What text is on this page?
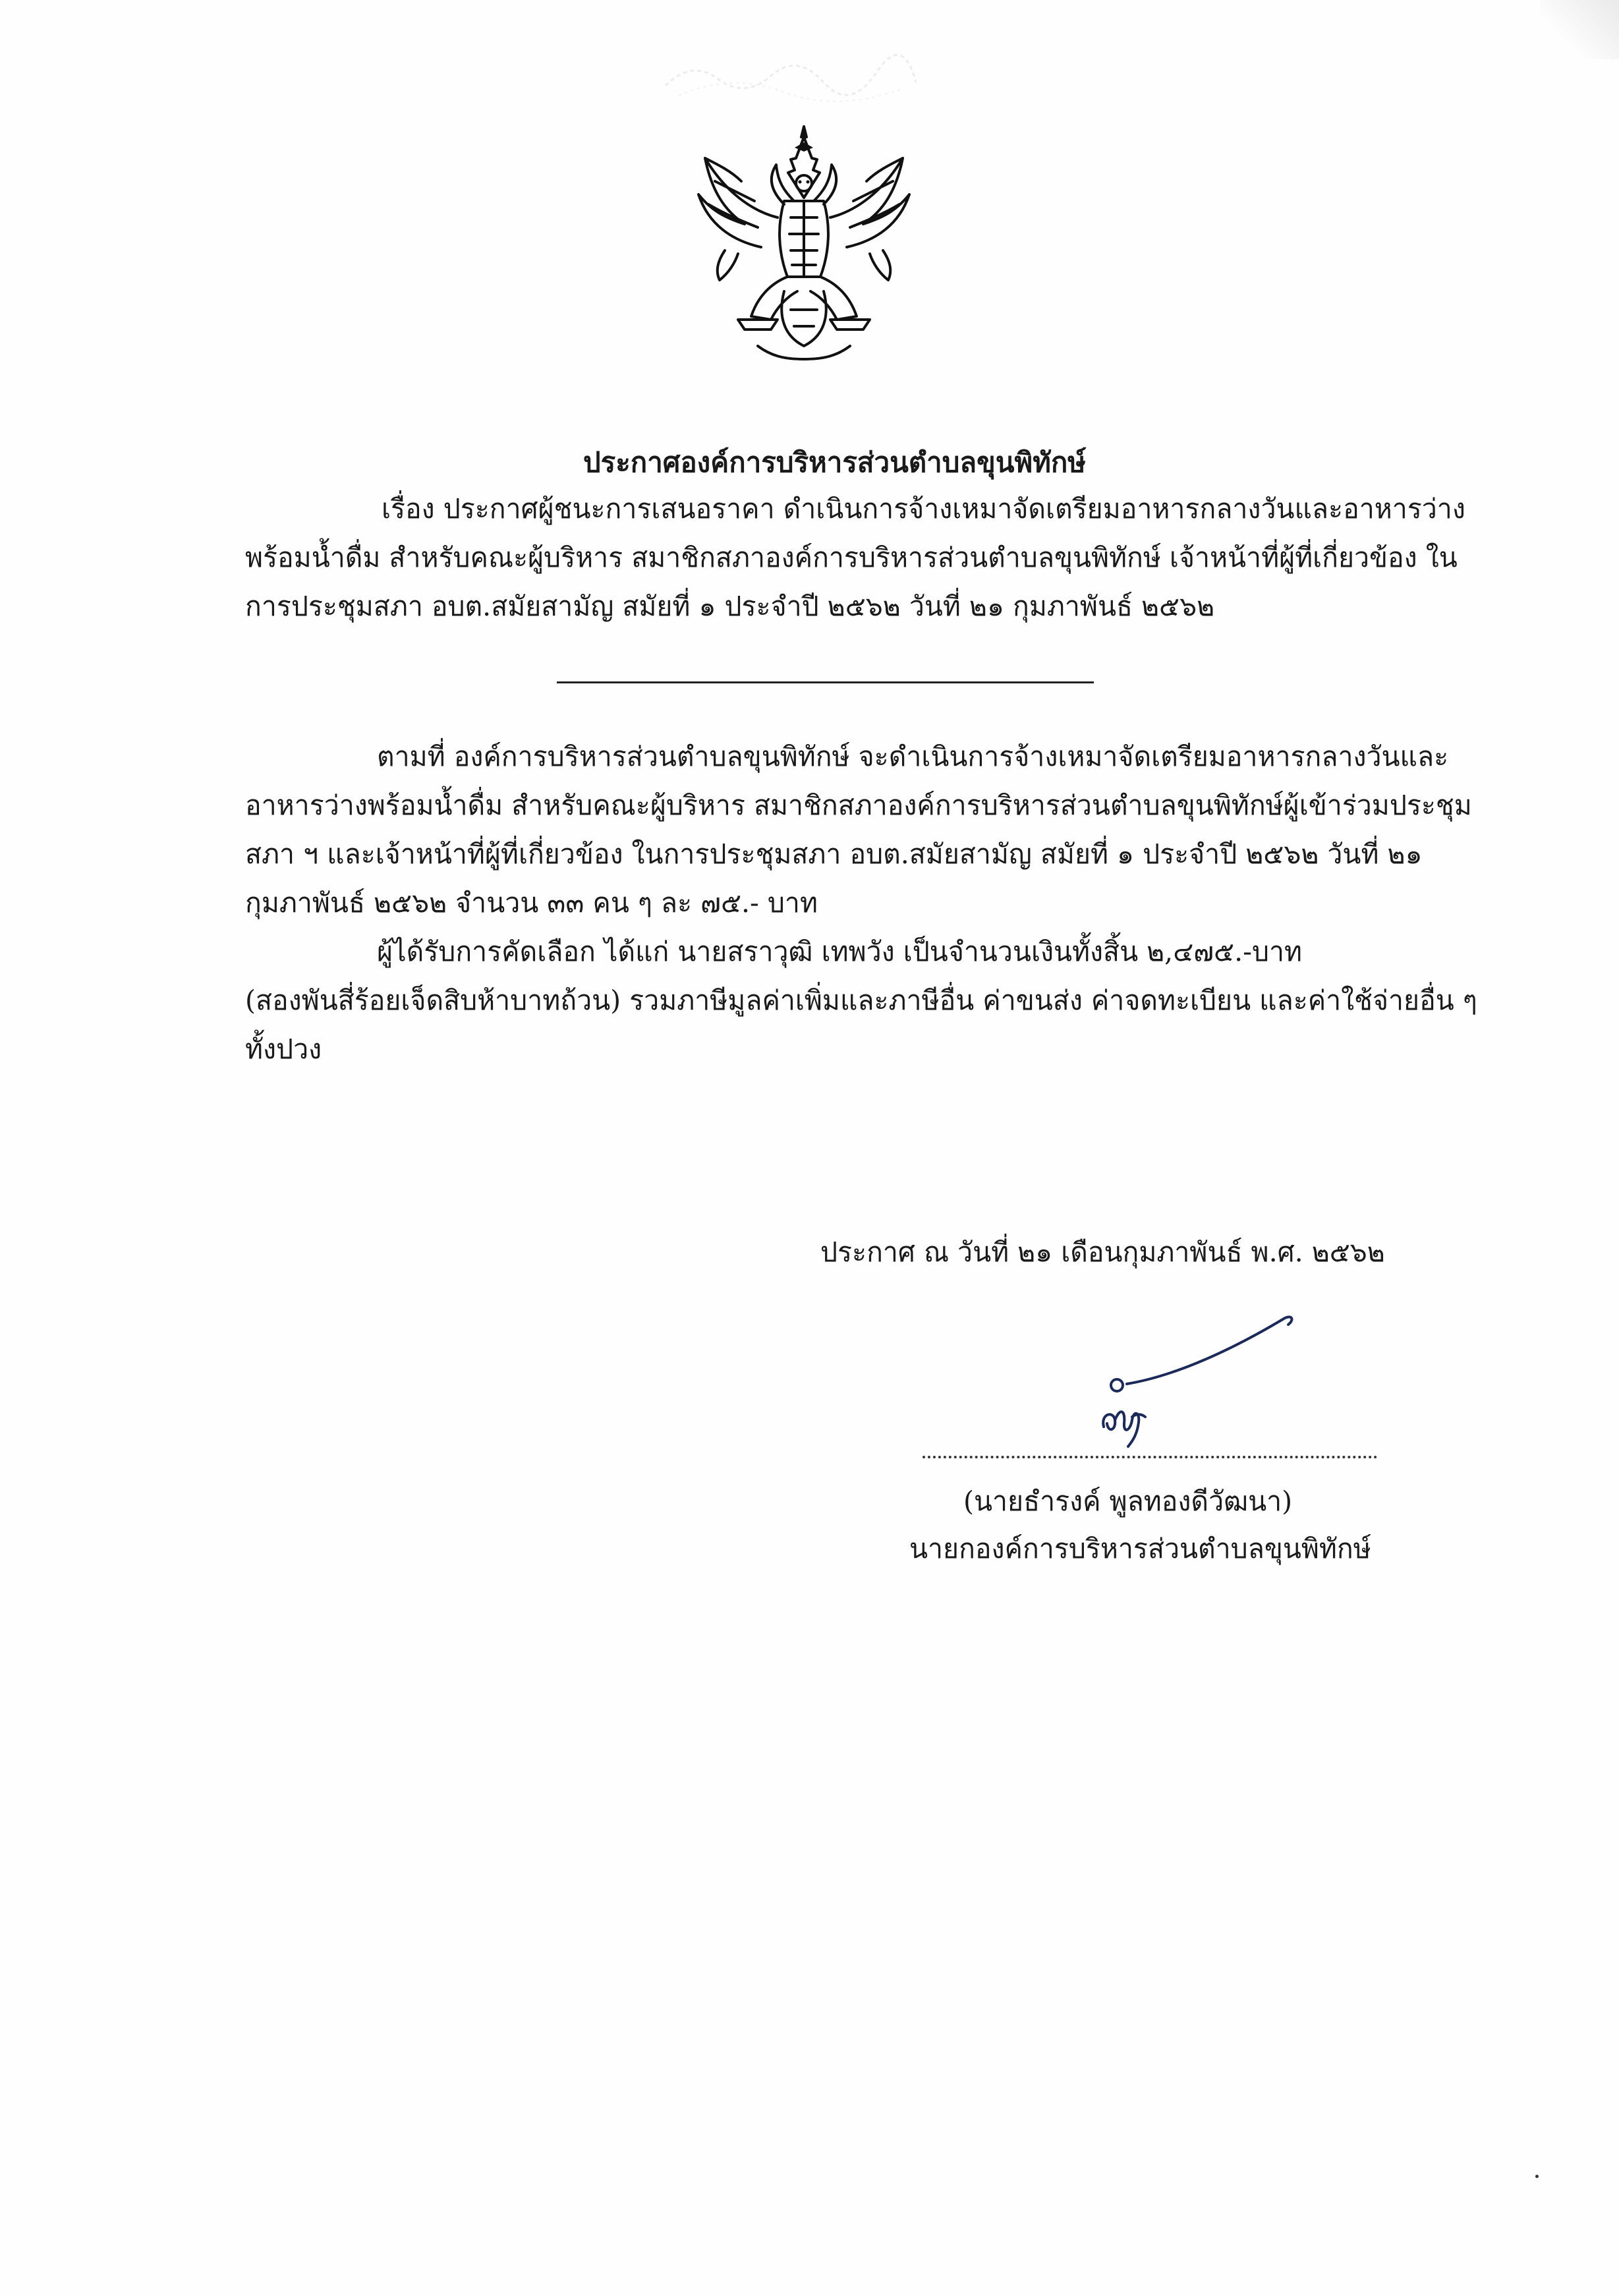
ประกาศองค์การบริหารส่วนตำบลขุนพิทักษ์
เรื่อง ประกาศผู้ชนะการเสนอราคา ดำเนินการจ้างเหมาจัดเตรียมอาหารกลางวันและอาหารว่าง
พร้อมน้ำดื่ม สำหรับคณะผู้บริหาร สมาชิกสภาองค์การบริหารส่วนตำบลขุนพิทักษ์ เจ้าหน้าที่ผู้ที่เกี่ยวข้อง ใน
การประชุมสภา อบต.สมัยสามัญ สมัยที่ ๑ ประจำปี ๒๕๖๒ วันที่ ๒๑ กุมภาพันธ์ ๒๕๖๒
ตามที่ องค์การบริหารส่วนตำบลขุนพิทักษ์ จะดำเนินการจ้างเหมาจัดเตรียมอาหารกลางวันและ
อาหารว่างพร้อมน้ำดื่ม สำหรับคณะผู้บริหาร สมาชิกสภาองค์การบริหารส่วนตำบลขุนพิทักษ์ผู้เข้าร่วมประชุม
สภา ฯ และเจ้าหน้าที่ผู้ที่เกี่ยวข้อง ในการประชุมสภา อบต.สมัยสามัญ สมัยที่ ๑ ประจำปี ๒๕๖๒ วันที่ ๒๑
กุมภาพันธ์ ๒๕๖๒ จำนวน ๓๓ คน ๆ ละ ๗๕.- บาท
ผู้ได้รับการคัดเลือก ได้แก่ นายสราวุฒิ เทพวัง เป็นจำนวนเงินทั้งสิ้น ๒,๔๗๕.-บาท
(สองพันสี่ร้อยเจ็ดสิบห้าบาทถ้วน) รวมภาษีมูลค่าเพิ่มและภาษีอื่น ค่าขนส่ง ค่าจดทะเบียน และค่าใช้จ่ายอื่น ๆ
ทั้งปวง
ประกาศ ณ วันที่ ๒๑ เดือนกุมภาพันธ์ พ.ศ. ๒๕๖๒
(นายธำรงค์ พูลทองดีวัฒนา)
นายกองค์การบริหารส่วนตำบลขุนพิทักษ์
